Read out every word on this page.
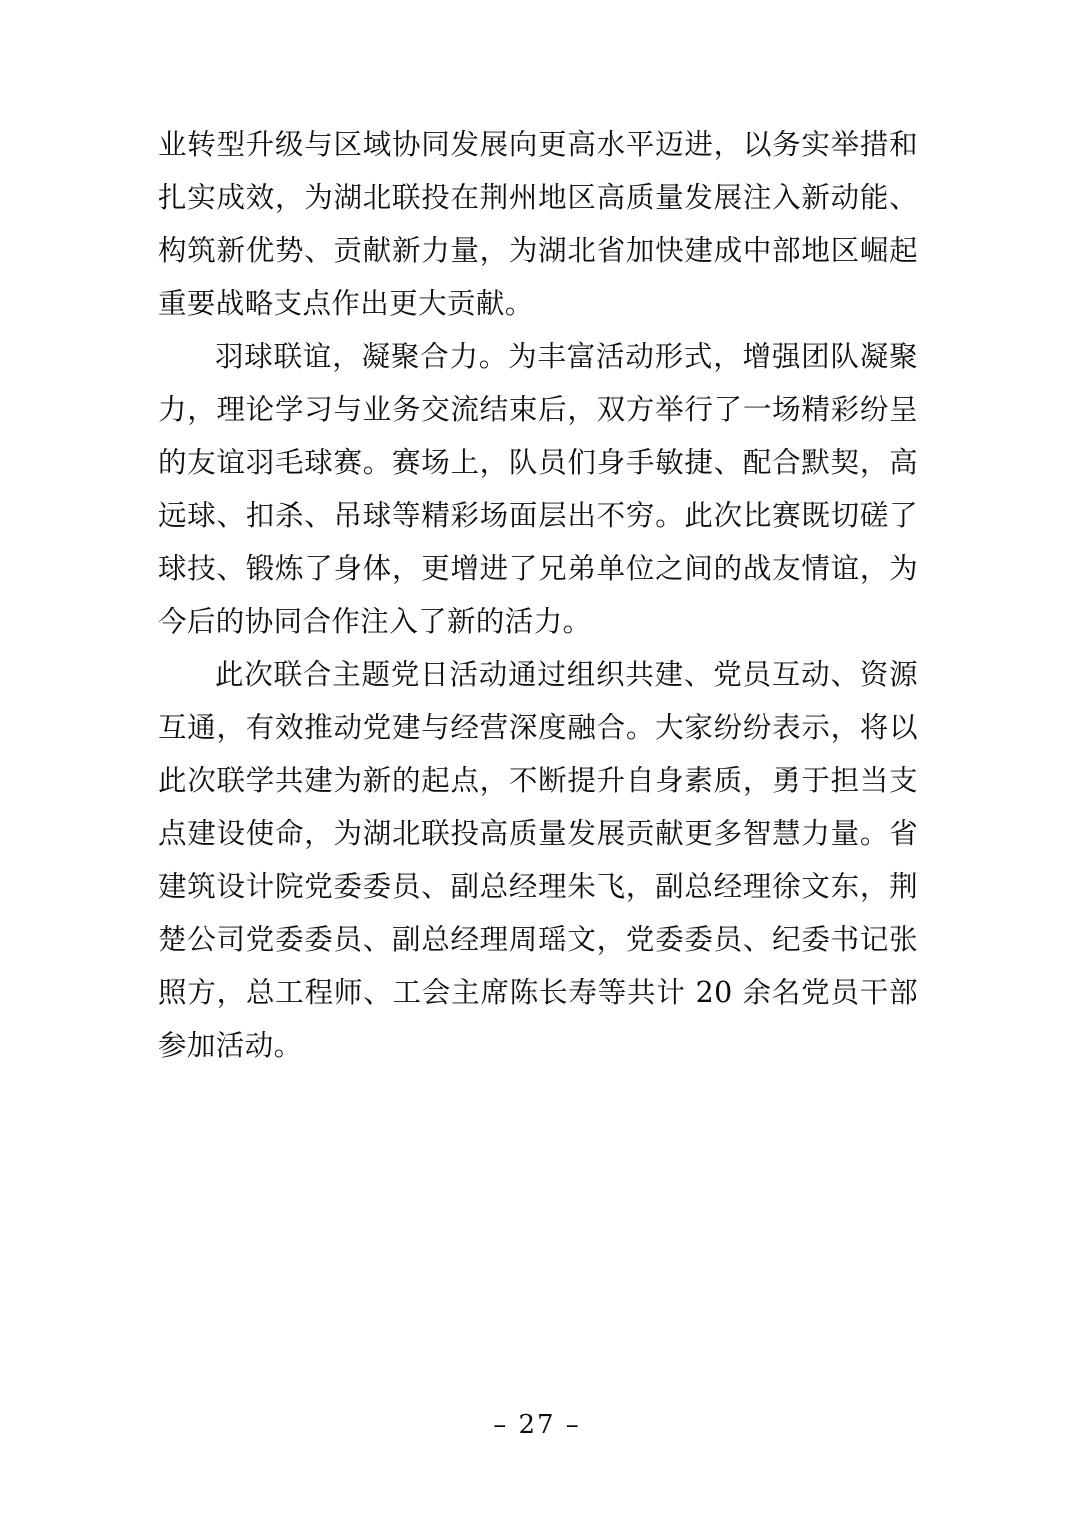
业转型升级与区域协同发展向更高水平迈进，以务实举措和扎实成效，为湖北联投在荆州地区高质量发展注入新动能、构筑新优势、贡献新力量，为湖北省加快建成中部地区崛起重要战略支点作出更大贡献。

羽球联谊，凝聚合力。为丰富活动形式，增强团队凝聚力，理论学习与业务交流结束后，双方举行了一场精彩纷呈的友谊羽毛球赛。赛场上，队员们身手敏捷、配合默契，高远球、扣杀、吊球等精彩场面层出不穷。此次比赛既切磋了球技、锻炼了身体，更增进了兄弟单位之间的战友情谊，为今后的协同合作注入了新的活力。

此次联合主题党日活动通过组织共建、党员互动、资源互通，有效推动党建与经营深度融合。大家纷纷表示，将以此次联学共建为新的起点，不断提升自身素质，勇于担当支点建设使命，为湖北联投高质量发展贡献更多智慧力量。省建筑设计院党委委员、副总经理朱飞，副总经理徐文东，荆楚公司党委委员、副总经理周瑶文，党委委员、纪委书记张照方，总工程师、工会主席陈长寿等共计 20 余名党员干部参加活动。

– 27 –
